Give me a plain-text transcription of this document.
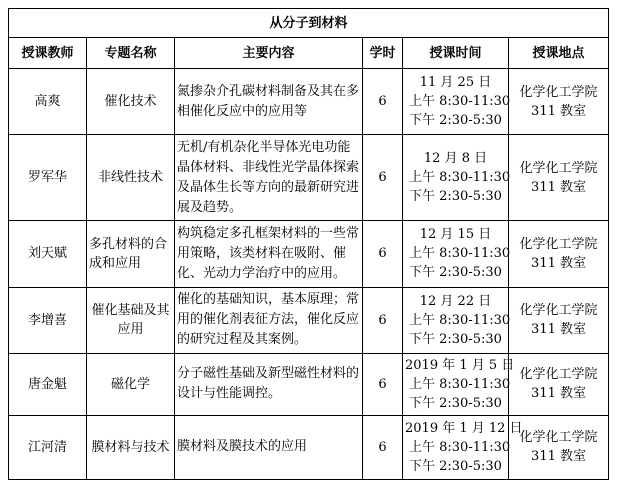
从分子到材料					
授课教师	专题名称	主要内容	学时	授课时间	授课地点
高爽	催化技术	氮掺杂介孔碳材料制备及其在多相催化反应中的应用等	6	11 月 25 日
上午 8:30-11:30
下午 2:30-5:30	化学化工学院
311 教室

罗军华	非线性技术	无机/有机杂化半导体光电功能晶体材料、非线性光学晶体探索及晶体生长等方向的最新研究进展及趋势。	6	12 月 8 日
上午 8:30-11:30
下午 2:30-5:30	化学化工学院
311 教室

刘天赋	多孔材料的合成和应用	构筑稳定多孔框架材料的一些常用策略，该类材料在吸附、催化、光动力学治疗中的应用。	6	12 月 15 日
上午 8:30-11:30
下午 2:30-5:30	化学化工学院
311 教室

李增喜	催化基础及其应用	催化的基础知识，基本原理；常用的催化剂表征方法，催化反应的研究过程及其案例。	6	12 月 22 日
上午 8:30-11:30
下午 2:30-5:30	化学化工学院
311 教室

唐金魁	磁化学	分子磁性基础及新型磁性材料的设计与性能调控。	6	2019 年 1 月 5 日
上午 8:30-11:30
下午 2:30-5:30	化学化工学院
311 教室

江河清	膜材料与技术	膜材料及膜技术的应用	6	2019 年 1 月 12 日
上午 8:30-11:30
下午 2:30-5:30	化学化工学院
311 教室
